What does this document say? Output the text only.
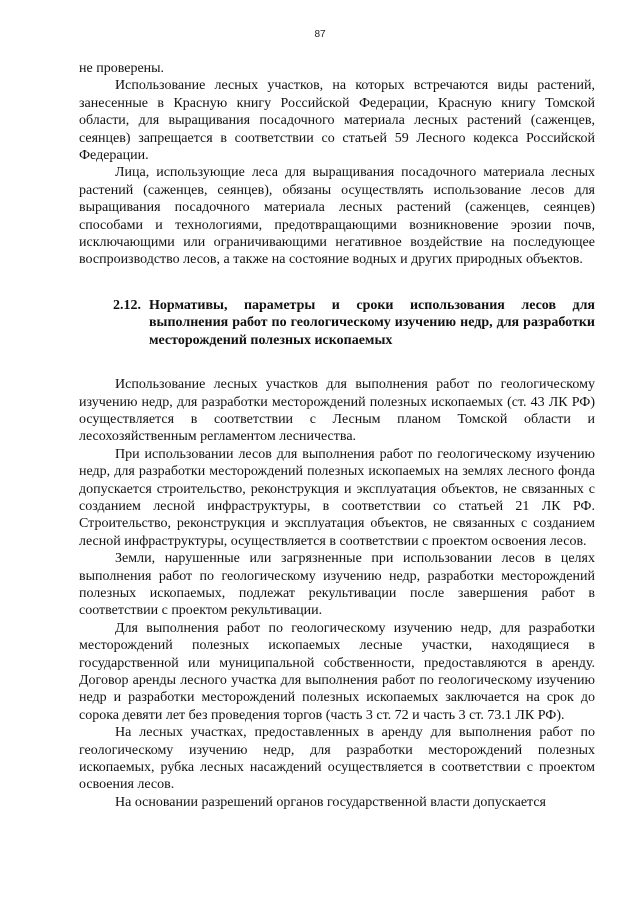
87

не проверены.

Использование лесных участков, на которых встречаются виды растений, занесенные в Красную книгу Российской Федерации, Красную книгу Томской области, для выращивания посадочного материала лесных растений (саженцев, сеянцев) запрещается в соответствии со статьей 59 Лесного кодекса Российской Федерации.

Лица, использующие леса для выращивания посадочного материала лесных растений (саженцев, сеянцев), обязаны осуществлять использование лесов для выращивания посадочного материала лесных растений (саженцев, сеянцев) способами и технологиями, предотвращающими возникновение эрозии почв, исключающими или ограничивающими негативное воздействие на последующее воспроизводство лесов, а также на состояние водных и других природных объектов.

2.12. Нормативы, параметры и сроки использования лесов для выполнения работ по геологическому изучению недр, для разработки месторождений полезных ископаемых

Использование лесных участков для выполнения работ по геологическому изучению недр, для разработки месторождений полезных ископаемых (ст. 43 ЛК РФ) осуществляется в соответствии с Лесным планом Томской области и лесохозяйственным регламентом лесничества.

При использовании лесов для выполнения работ по геологическому изучению недр, для разработки месторождений полезных ископаемых на землях лесного фонда допускается строительство, реконструкция и эксплуатация объектов, не связанных с созданием лесной инфраструктуры, в соответствии со статьей 21 ЛК РФ. Строительство, реконструкция и эксплуатация объектов, не связанных с созданием лесной инфраструктуры, осуществляется в соответствии с проектом освоения лесов.

Земли, нарушенные или загрязненные при использовании лесов в целях выполнения работ по геологическому изучению недр, разработки месторождений полезных ископаемых, подлежат рекультивации после завершения работ в соответствии с проектом рекультивации.

Для выполнения работ по геологическому изучению недр, для разработки месторождений полезных ископаемых лесные участки, находящиеся в государственной или муниципальной собственности, предоставляются в аренду. Договор аренды лесного участка для выполнения работ по геологическому изучению недр и разработки месторождений полезных ископаемых заключается на срок до сорока девяти лет без проведения торгов (часть 3 ст. 72 и часть 3 ст. 73.1 ЛК РФ).

На лесных участках, предоставленных в аренду для выполнения работ по геологическому изучению недр, для разработки месторождений полезных ископаемых, рубка лесных насаждений осуществляется в соответствии с проектом освоения лесов.

На основании разрешений органов государственной власти допускается
